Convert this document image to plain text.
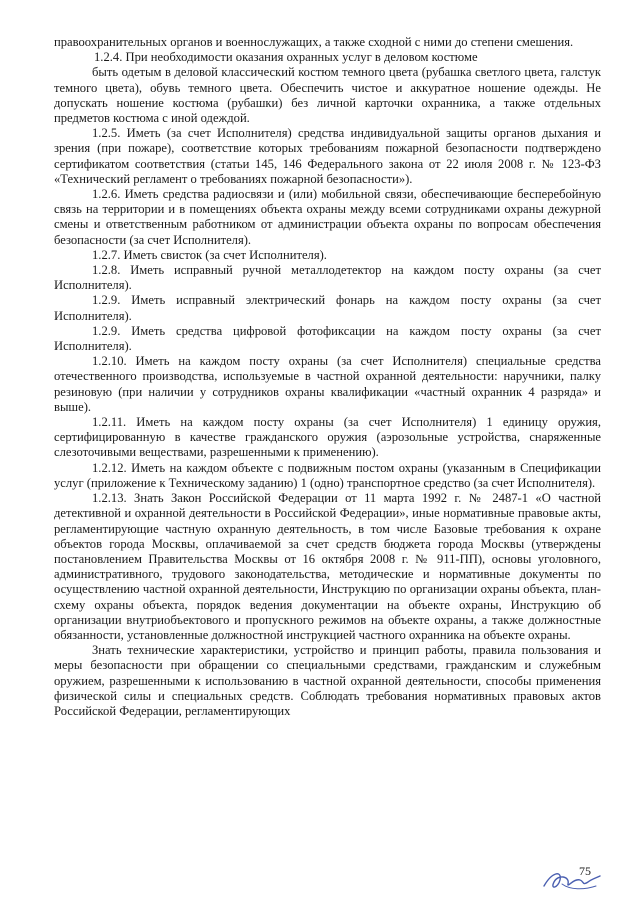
правоохранительных органов и военнослужащих, а также сходной с ними до степени смешения.

1.2.4. При необходимости оказания охранных услуг в деловом костюме

быть одетым в деловой классический костюм темного цвета (рубашка светлого цвета, галстук темного цвета), обувь темного цвета. Обеспечить чистое и аккуратное ношение одежды. Не допускать ношение костюма (рубашки) без личной карточки охранника, а также отдельных предметов костюма с иной одеждой.

1.2.5. Иметь (за счет Исполнителя) средства индивидуальной защиты органов дыхания и зрения (при пожаре), соответствие которых требованиям пожарной безопасности подтверждено сертификатом соответствия (статьи 145, 146 Федерального закона от 22 июля 2008 г. № 123-ФЗ «Технический регламент о требованиях пожарной безопасности»).

1.2.6. Иметь средства радиосвязи и (или) мобильной связи, обеспечивающие бесперебойную связь на территории и в помещениях объекта охраны между всеми сотрудниками охраны дежурной смены и ответственным работником от администрации объекта охраны по вопросам обеспечения безопасности (за счет Исполнителя).

1.2.7. Иметь свисток (за счет Исполнителя).

1.2.8. Иметь исправный ручной металлодетектор на каждом посту охраны (за счет Исполнителя).

1.2.9. Иметь исправный электрический фонарь на каждом посту охраны (за счет Исполнителя).

1.2.9. Иметь средства цифровой фотофиксации на каждом посту охраны (за счет Исполнителя).

1.2.10. Иметь на каждом посту охраны (за счет Исполнителя) специальные средства отечественного производства, используемые в частной охранной деятельности: наручники, палку резиновую (при наличии у сотрудников охраны квалификации «частный охранник 4 разряда» и выше).

1.2.11. Иметь на каждом посту охраны (за счет Исполнителя) 1 единицу оружия, сертифицированную в качестве гражданского оружия (аэрозольные устройства, снаряженные слезоточивыми веществами, разрешенными к применению).

1.2.12. Иметь на каждом объекте с подвижным постом охраны (указанным в Спецификации услуг (приложение к Техническому заданию) 1 (одно) транспортное средство (за счет Исполнителя).

1.2.13. Знать Закон Российской Федерации от 11 марта 1992 г. № 2487-1 «О частной детективной и охранной деятельности в Российской Федерации», иные нормативные правовые акты, регламентирующие частную охранную деятельность, в том числе Базовые требования к охране объектов города Москвы, оплачиваемой за счет средств бюджета города Москвы (утверждены постановлением Правительства Москвы от 16 октября 2008 г. № 911-ПП), основы уголовного, административного, трудового законодательства, методические и нормативные документы по осуществлению частной охранной деятельности, Инструкцию по организации охраны объекта, план-схему охраны объекта, порядок ведения документации на объекте охраны, Инструкцию об организации внутриобъектового и пропускного режимов на объекте охраны, а также должностные обязанности, установленные должностной инструкцией частного охранника на объекте охраны.

Знать технические характеристики, устройство и принцип работы, правила пользования и меры безопасности при обращении со специальными средствами, гражданским и служебным оружием, разрешенными к использованию в частной охранной деятельности, способы применения физической силы и специальных средств. Соблюдать требования нормативных правовых актов Российской Федерации, регламентирующих

75
